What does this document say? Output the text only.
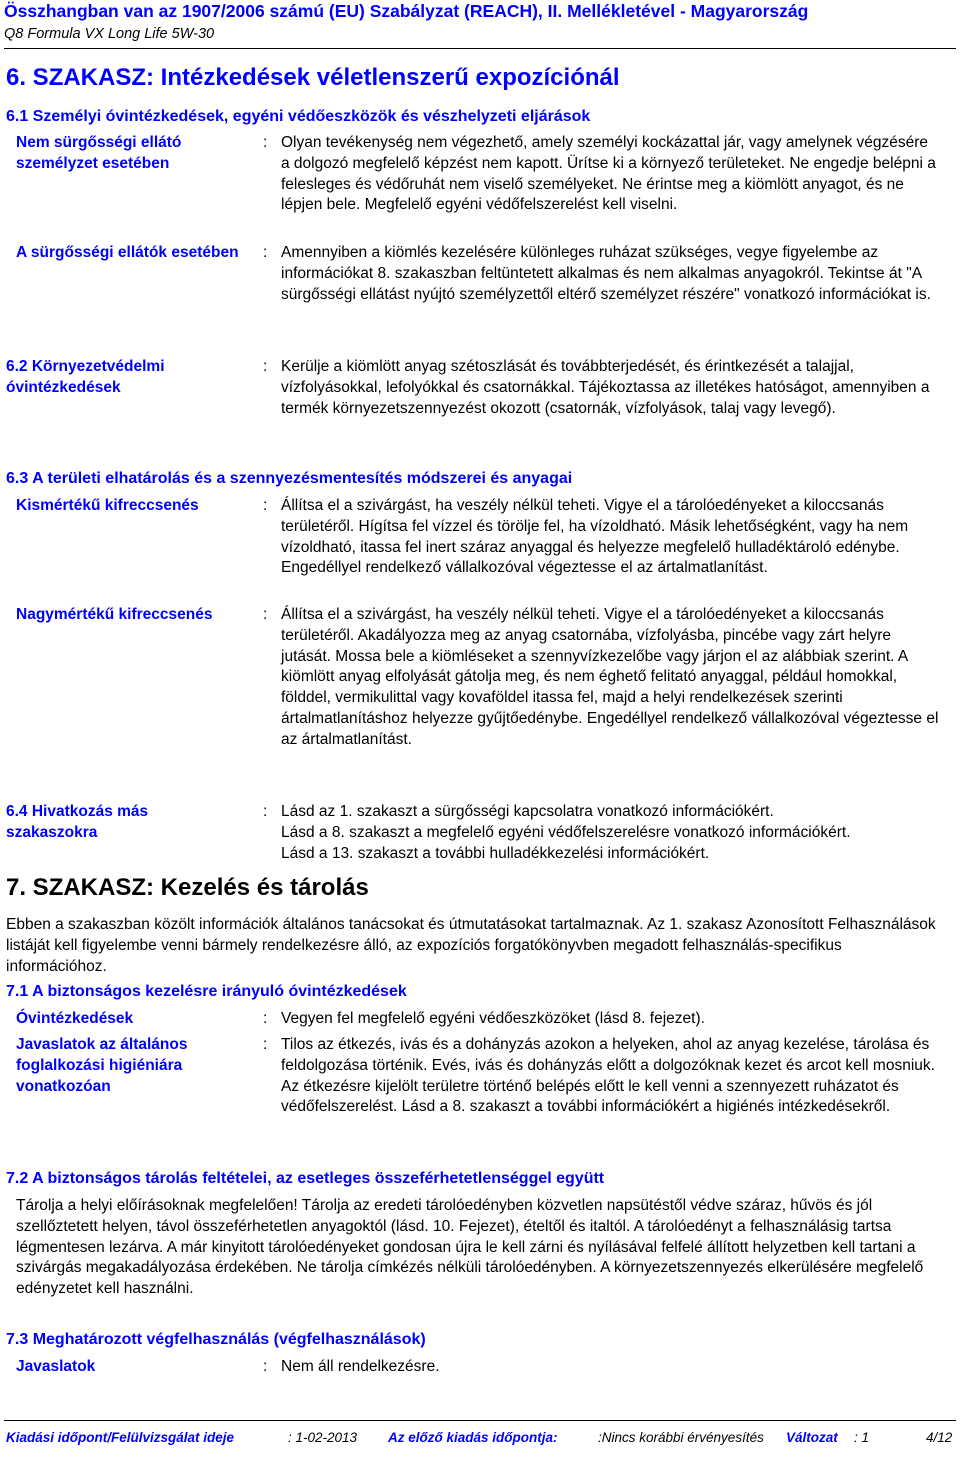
Összhangban van az 1907/2006 számú (EU) Szabályzat (REACH), II. Mellékletével - Magyarország
Q8 Formula VX Long Life 5W-30
6. SZAKASZ: Intézkedések véletlenszerű expozíciónál
6.1 Személyi óvintézkedések, egyéni védőeszközök és vészhelyzeti eljárások
Nem sürgősségi ellátó személyzet esetében
: Olyan tevékenység nem végezhető, amely személyi kockázattal jár, vagy amelynek végzésére a dolgozó megfelelő képzést nem kapott. Ürítse ki a környező területeket. Ne engedje belépni a felesleges és védőruhát nem viselő személyeket. Ne érintse meg a kiömlött anyagot, és ne lépjen bele. Megfelelő egyéni védőfelszerelést kell viselni.
A sürgősségi ellátók esetében : Amennyiben a kiömlés kezelésére különleges ruházat szükséges, vegye figyelembe az információkat 8. szakaszban feltüntetett alkalmas és nem alkalmas anyagokról. Tekintse át "A sürgősségi ellátást nyújtó személyzettől eltérő személyzet részére" vonatkozó információkat is.
6.2 Környezetvédelmi óvintézkedések
: Kerülje a kiömlött anyag szétoszlását és továbbterjedését, és érintkezését a talajjal, vízfolyásokkal, lefolyókkal és csatornákkal. Tájékoztassa az illetékes hatóságot, amennyiben a termék környezetszennyezést okozott (csatornák, vízfolyások, talaj vagy levegő).
6.3 A területi elhatárolás és a szennyezésmentesítés módszerei és anyagai
Kismértékű kifreccsenés	: Állítsa el a szivárgást, ha veszély nélkül teheti. Vigye el a tárolóedényeket a kiloccsanás területéről. Hígítsa fel vízzel és törölje fel, ha vízoldható. Másik lehetőségként, vagy ha nem vízoldható, itassa fel inert száraz anyaggal és helyezze megfelelő hulladéktároló edénybe. Engedéllyel rendelkező vállalkozóval végeztesse el az ártalmatlanítást.
Nagymértékű kifreccsenés	: Állítsa el a szivárgást, ha veszély nélkül teheti. Vigye el a tárolóedényeket a kiloccsanás területéről. Akadályozza meg az anyag csatornába, vízfolyásba, pincébe vagy zárt helyre jutását. Mossa bele a kiömléseket a szennyvízkezelőbe vagy járjon el az alábbiak szerint. A kiömlött anyag elfolyását gátolja meg, és nem éghető felitató anyaggal, például homokkal, földdel, vermikulittal vagy kovaföldel itassa fel, majd a helyi rendelkezések szerinti ártalmatlanításhoz helyezze gyűjtőedénybe. Engedéllyel rendelkező vállalkozóval végeztesse el az ártalmatlanítást.
6.4 Hivatkozás más szakaszokra
: Lásd az 1. szakaszt a sürgősségi kapcsolatra vonatkozó információkért.
Lásd a 8. szakaszt a megfelelő egyéni védőfelszerelésre vonatkozó információkért.
Lásd a 13. szakaszt a további hulladékkezelési információkért.
7. SZAKASZ: Kezelés és tárolás
Ebben a szakaszban közölt információk általános tanácsokat és útmutatásokat tartalmaznak. Az 1. szakasz Azonosított Felhasználások listáját kell figyelembe venni bármely rendelkezésre álló, az expozíciós forgatókönyvben megadott felhasználás-specifikus információhoz.
7.1 A biztonságos kezelésre irányuló óvintézkedések
Óvintézkedések	: Vegyen fel megfelelő egyéni védőeszközöket (lásd 8. fejezet).
Javaslatok az általános foglalkozási higiéniára vonatkozóan
: Tilos az étkezés, ivás és a dohányzás azokon a helyeken, ahol az anyag kezelése, tárolása és feldolgozása történik. Evés, ivás és dohányzás előtt a dolgozóknak kezet és arcot kell mosniuk. Az étkezésre kijelölt területre történő belépés előtt le kell venni a szennyezett ruházatot és védőfelszerelést. Lásd a 8. szakaszt a további információkért a higiénés intézkedésekről.
7.2 A biztonságos tárolás feltételei, az esetleges összeférhetetlenséggel együtt
Tárolja a helyi előírásoknak megfelelően! Tárolja az eredeti tárolóedényben közvetlen napsütéstől védve száraz, hűvös és jól szellőztetett helyen, távol összeférhetetlen anyagoktól (lásd. 10. Fejezet), ételtől és italtól. A tárolóedényt a felhasználásig tartsa légmentesen lezárva. A már kinyitott tárolóedényeket gondosan újra le kell zárni és nyílásával felfelé állított helyzetben kell tartani a szivárgás megakadályozása érdekében. Ne tárolja címkézés nélküli tárolóedényben. A környezetszennyezés elkerülésére megfelelő edényzetet kell használni.
7.3 Meghatározott végfelhasználás (végfelhasználások)
Javaslatok	: Nem áll rendelkezésre.
Kiadási időpont/Felülvizsgálat ideje	: 1-02-2013 Az előző kiadás időpontja:	:Nincs korábbi érvényesítés Változat : 1	4/12
